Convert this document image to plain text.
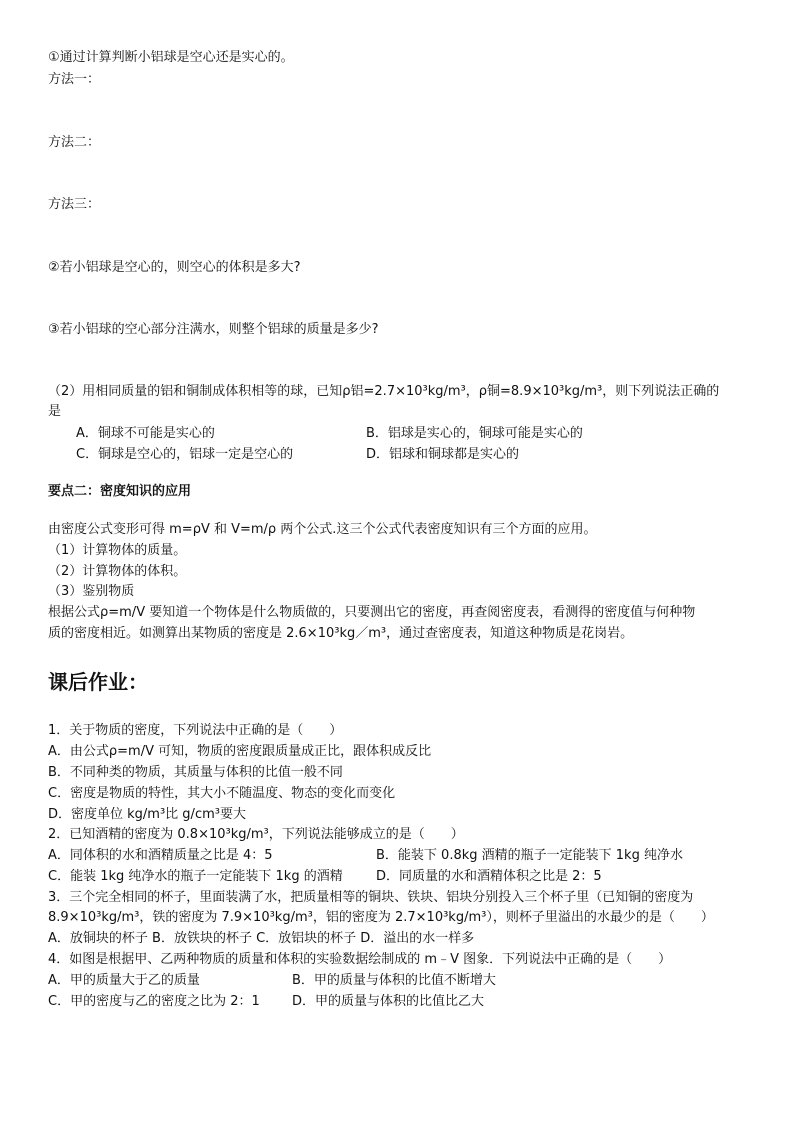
①通过计算判断小铝球是空心还是实心的。
方法一：
方法二：
方法三：
②若小铝球是空心的，则空心的体积是多大?
③若小铝球的空心部分注满水，则整个铝球的质量是多少?
（2）用相同质量的铝和铜制成体积相等的球，已知ρ铝=2.7×10³kg/m³，ρ铜=8.9×10³kg/m³，则下列说法正确的
是
A．铜球不可能是实心的	B．铝球是实心的，铜球可能是实心的
C．铜球是空心的，铝球一定是空心的	D．铝球和铜球都是实心的
要点二：密度知识的应用
由密度公式变形可得 m=ρV 和 V=m/ρ 两个公式.这三个公式代表密度知识有三个方面的应用。
（1）计算物体的质量。
（2）计算物体的体积。
（3）鉴别物质
根据公式ρ=m/V 要知道一个物体是什么物质做的，只要测出它的密度，再查阅密度表，看测得的密度值与何种物
质的密度相近。如测算出某物质的密度是 2.6×10³kg／m³，通过查密度表，知道这种物质是花岗岩。
课后作业：
1．关于物质的密度，下列说法中正确的是（　　）
A．由公式ρ=m/V 可知，物质的密度跟质量成正比，跟体积成反比
B．不同种类的物质，其质量与体积的比值一般不同
C．密度是物质的特性，其大小不随温度、物态的变化而变化
D．密度单位 kg/m³比 g/cm³要大
2．已知酒精的密度为 0.8×10³kg/m³，下列说法能够成立的是（　　）
A．同体积的水和酒精质量之比是 4：5	B．能装下 0.8kg 酒精的瓶子一定能装下 1kg 纯净水
C．能装 1kg 纯净水的瓶子一定能装下 1kg 的酒精	D．同质量的水和酒精体积之比是 2：5
3．三个完全相同的杯子，里面装满了水，把质量相等的铜块、铁块、铝块分别投入三个杯子里（已知铜的密度为
8.9×10³kg/m³，铁的密度为 7.9×10³kg/m³，铝的密度为 2.7×10³kg/m³），则杯子里溢出的水最少的是（　　）
A．放铜块的杯子 B．放铁块的杯子 C．放铝块的杯子 D．溢出的水一样多
4．如图是根据甲、乙两种物质的质量和体积的实验数据绘制成的 m﹣V 图象．下列说法中正确的是（　　）
A．甲的质量大于乙的质量	B．甲的质量与体积的比值不断增大
C．甲的密度与乙的密度之比为 2：1 D．甲的质量与体积的比值比乙大
